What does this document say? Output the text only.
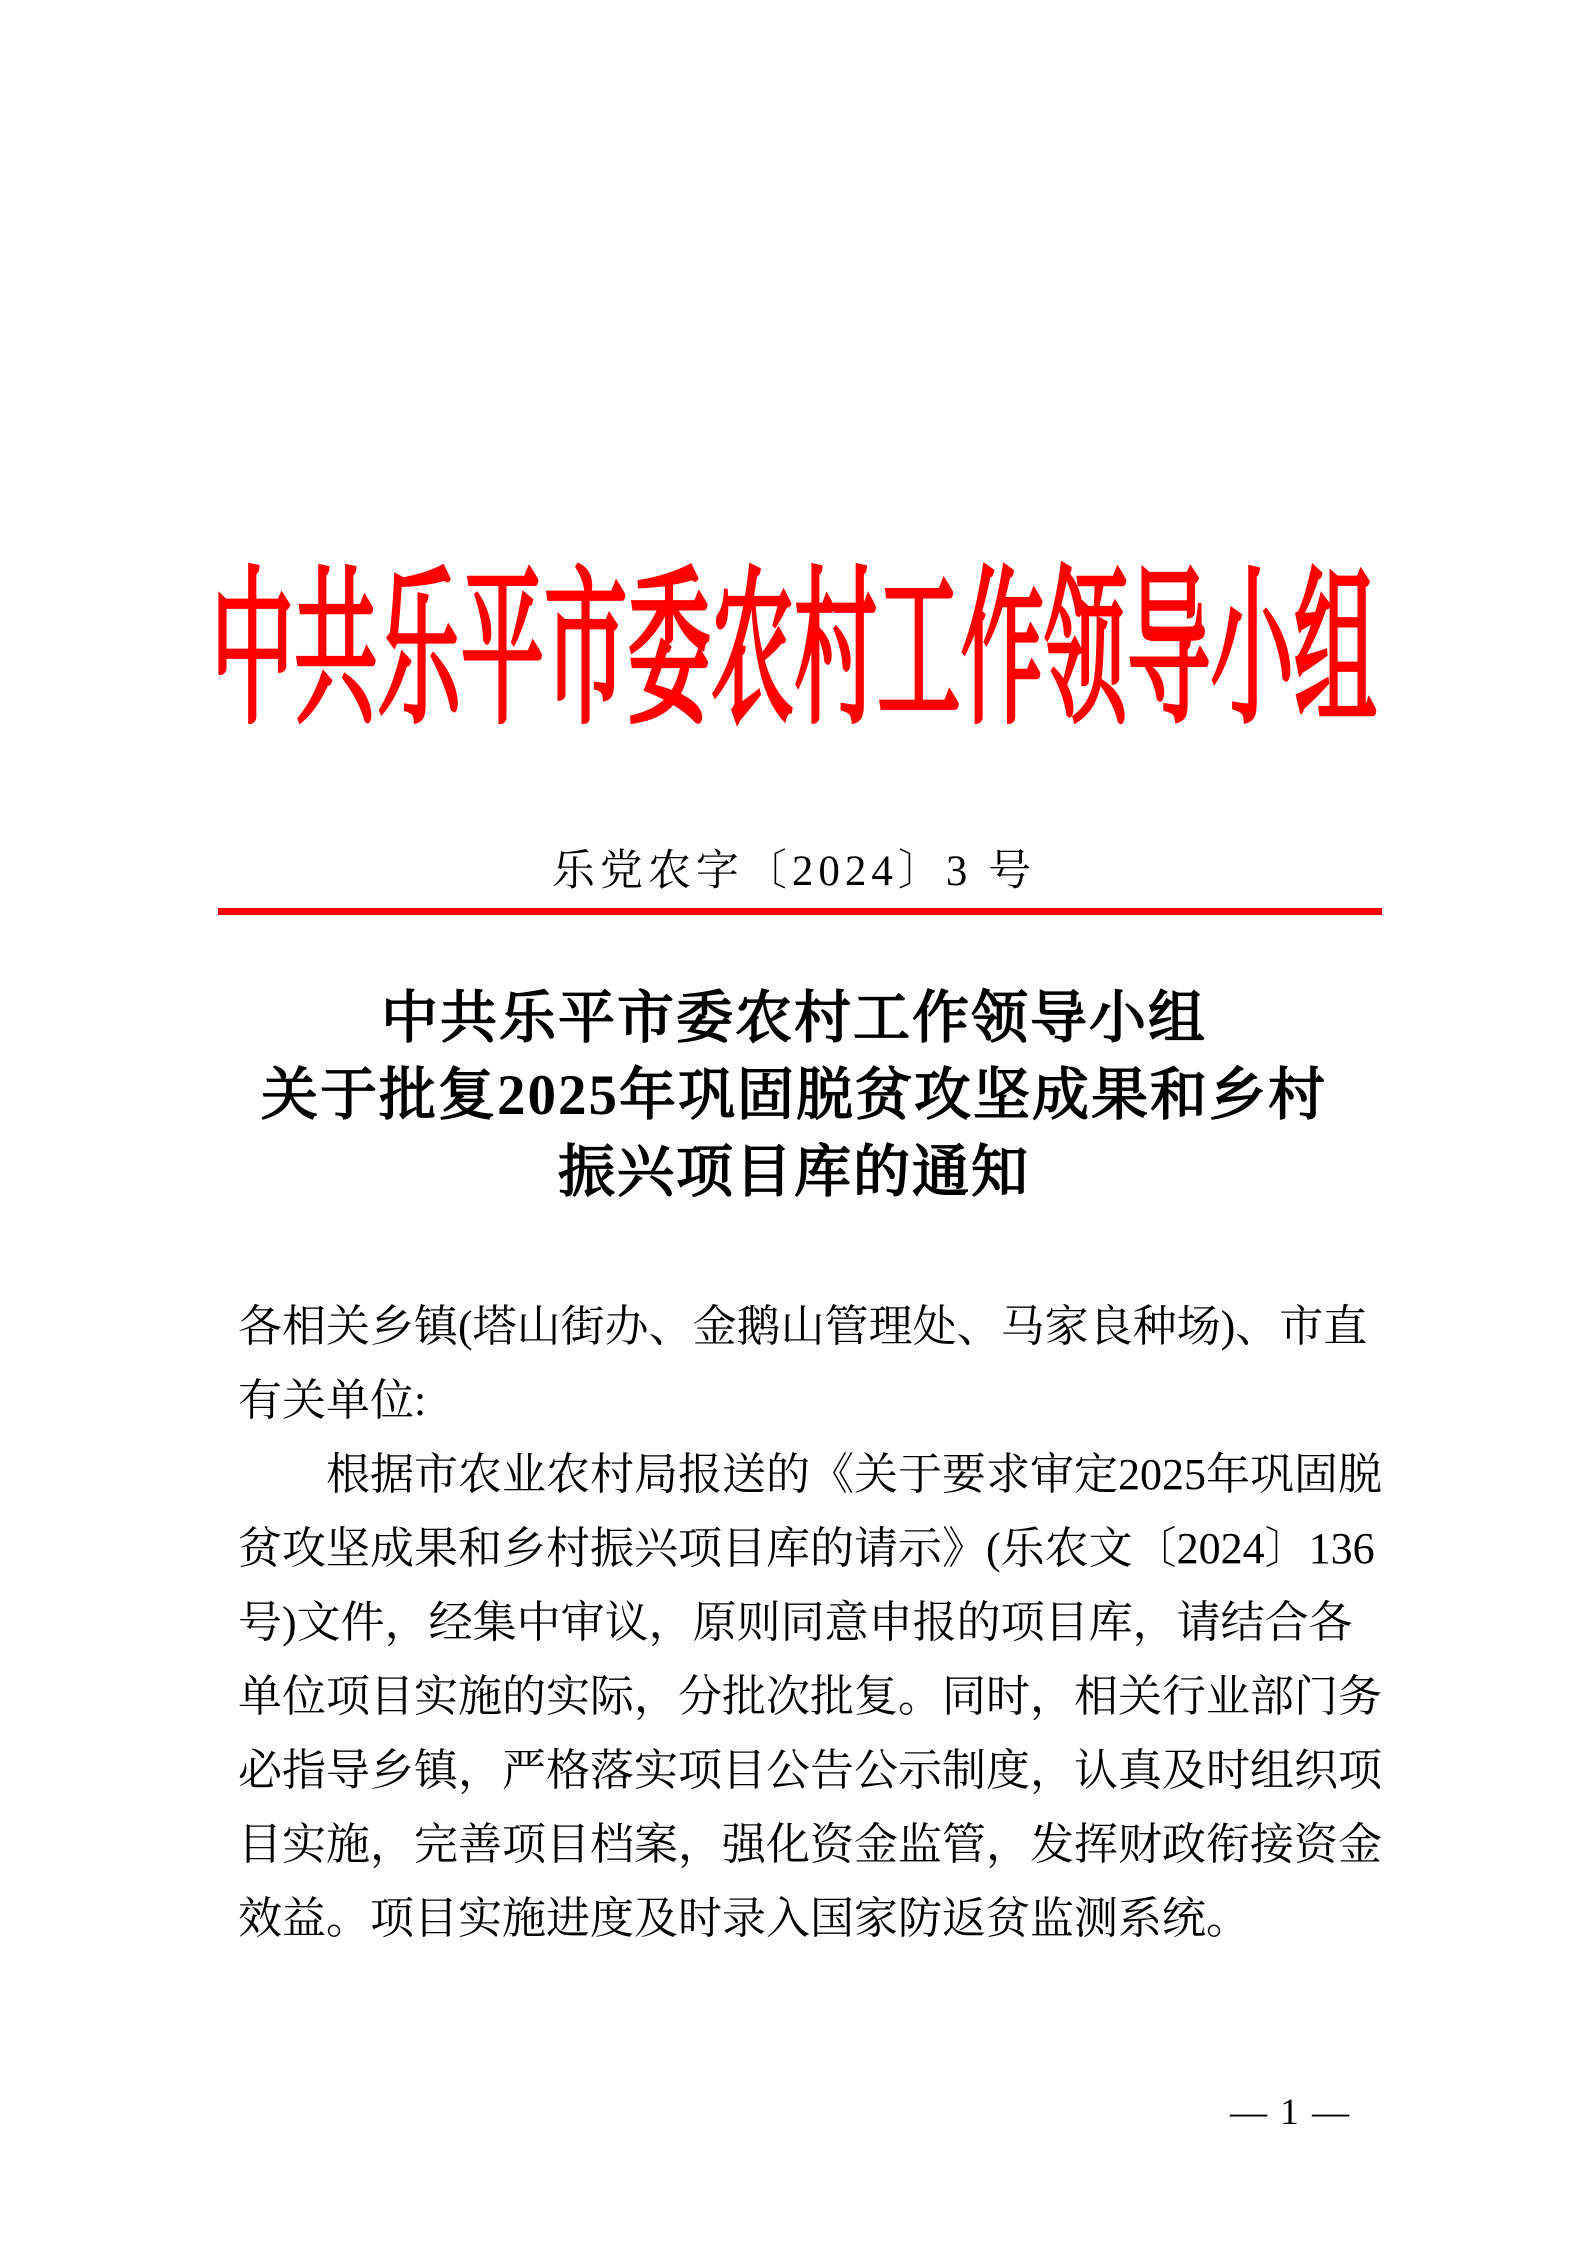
中共乐平市委农村工作领导小组
乐党农字〔2024〕3 号
中共乐平市委农村工作领导小组
关于批复2025年巩固脱贫攻坚成果和乡村
振兴项目库的通知
各相关乡镇(塔山街办、金鹅山管理处、马家良种场)、市直
有关单位:
根据市农业农村局报送的《关于要求审定2025年巩固脱
贫攻坚成果和乡村振兴项目库的请示》(乐农文〔2024〕136
号)文件，经集中审议，原则同意申报的项目库，请结合各
单位项目实施的实际，分批次批复。同时，相关行业部门务
必指导乡镇，严格落实项目公告公示制度，认真及时组织项
目实施，完善项目档案，强化资金监管，发挥财政衔接资金
效益。项目实施进度及时录入国家防返贫监测系统。
— 1 —
